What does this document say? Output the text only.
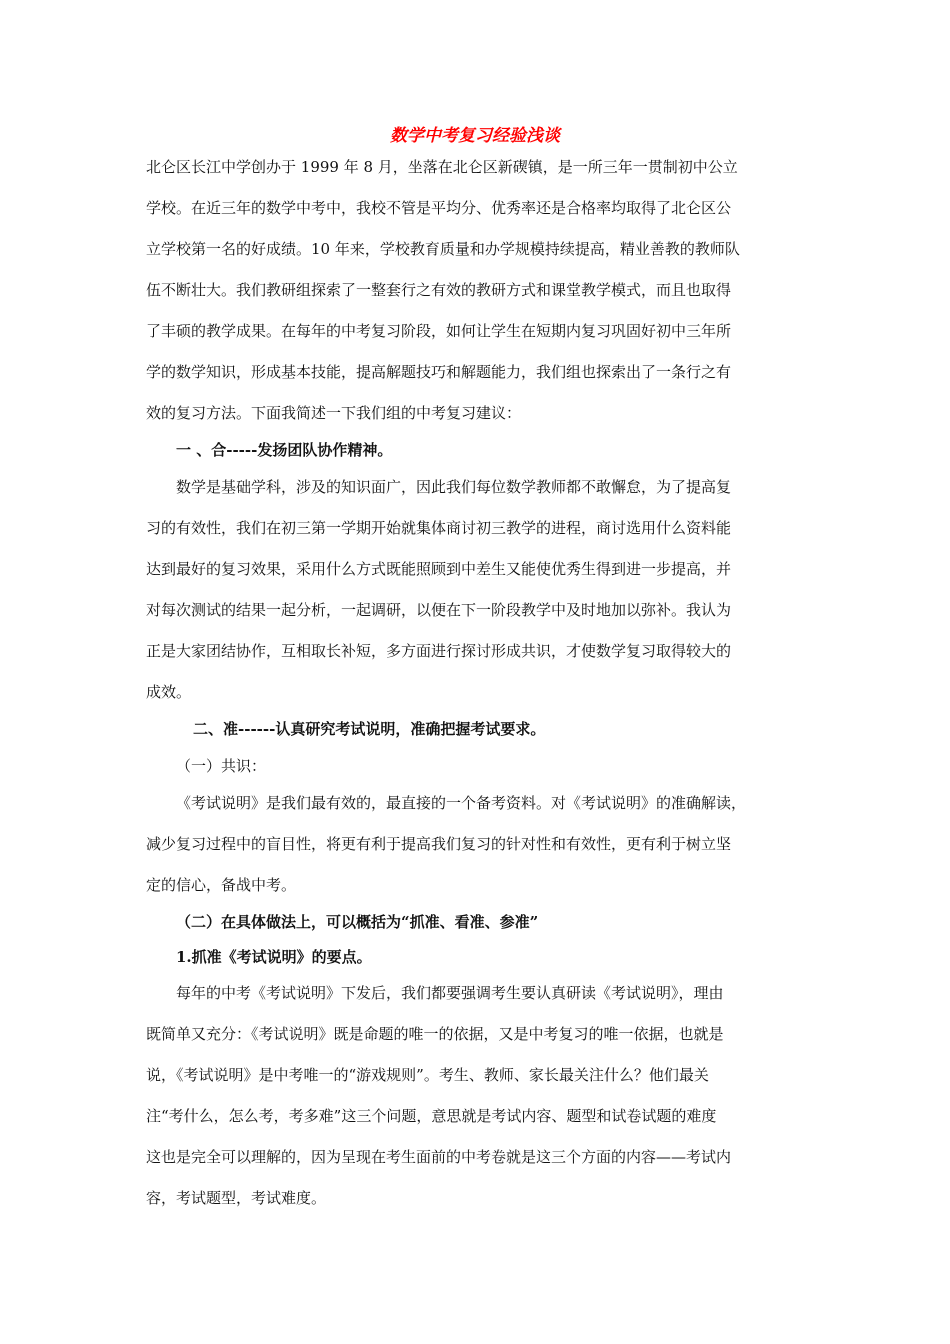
数学中考复习经验浅谈
北仑区长江中学创办于 1999 年 8 月，坐落在北仑区新碶镇，是一所三年一贯制初中公立
学校。在近三年的数学中考中，我校不管是平均分、优秀率还是合格率均取得了北仑区公
立学校第一名的好成绩。10 年来，学校教育质量和办学规模持续提高，精业善教的教师队
伍不断壮大。我们教研组探索了一整套行之有效的教研方式和课堂教学模式，而且也取得
了丰硕的教学成果。在每年的中考复习阶段，如何让学生在短期内复习巩固好初中三年所
学的数学知识，形成基本技能，提高解题技巧和解题能力，我们组也探索出了一条行之有
效的复习方法。下面我简述一下我们组的中考复习建议：
一 、合-----发扬团队协作精神。
数学是基础学科，涉及的知识面广，因此我们每位数学教师都不敢懈怠，为了提高复
习的有效性，我们在初三第一学期开始就集体商讨初三教学的进程，商讨选用什么资料能
达到最好的复习效果，采用什么方式既能照顾到中差生又能使优秀生得到进一步提高，并
对每次测试的结果一起分析，一起调研，以便在下一阶段教学中及时地加以弥补。我认为
正是大家团结协作，互相取长补短，多方面进行探讨形成共识，才使数学复习取得较大的
成效。
二、准------认真研究考试说明，准确把握考试要求。
（一）共识：
《考试说明》是我们最有效的，最直接的一个备考资料。对《考试说明》的准确解读，
减少复习过程中的盲目性，将更有利于提高我们复习的针对性和有效性，更有利于树立坚
定的信心，备战中考。
（二）在具体做法上，可以概括为“抓准、看准、参准”
1.抓准《考试说明》的要点。
每年的中考《考试说明》下发后，我们都要强调考生要认真研读《考试说明》，理由
既简单又充分：《考试说明》既是命题的唯一的依据，又是中考复习的唯一依据，也就是
说，《考试说明》是中考唯一的“游戏规则”。考生、教师、家长最关注什么？他们最关
注“考什么，怎么考，考多难”这三个问题，意思就是考试内容、题型和试卷试题的难度
这也是完全可以理解的，因为呈现在考生面前的中考卷就是这三个方面的内容——考试内
容，考试题型，考试难度。
